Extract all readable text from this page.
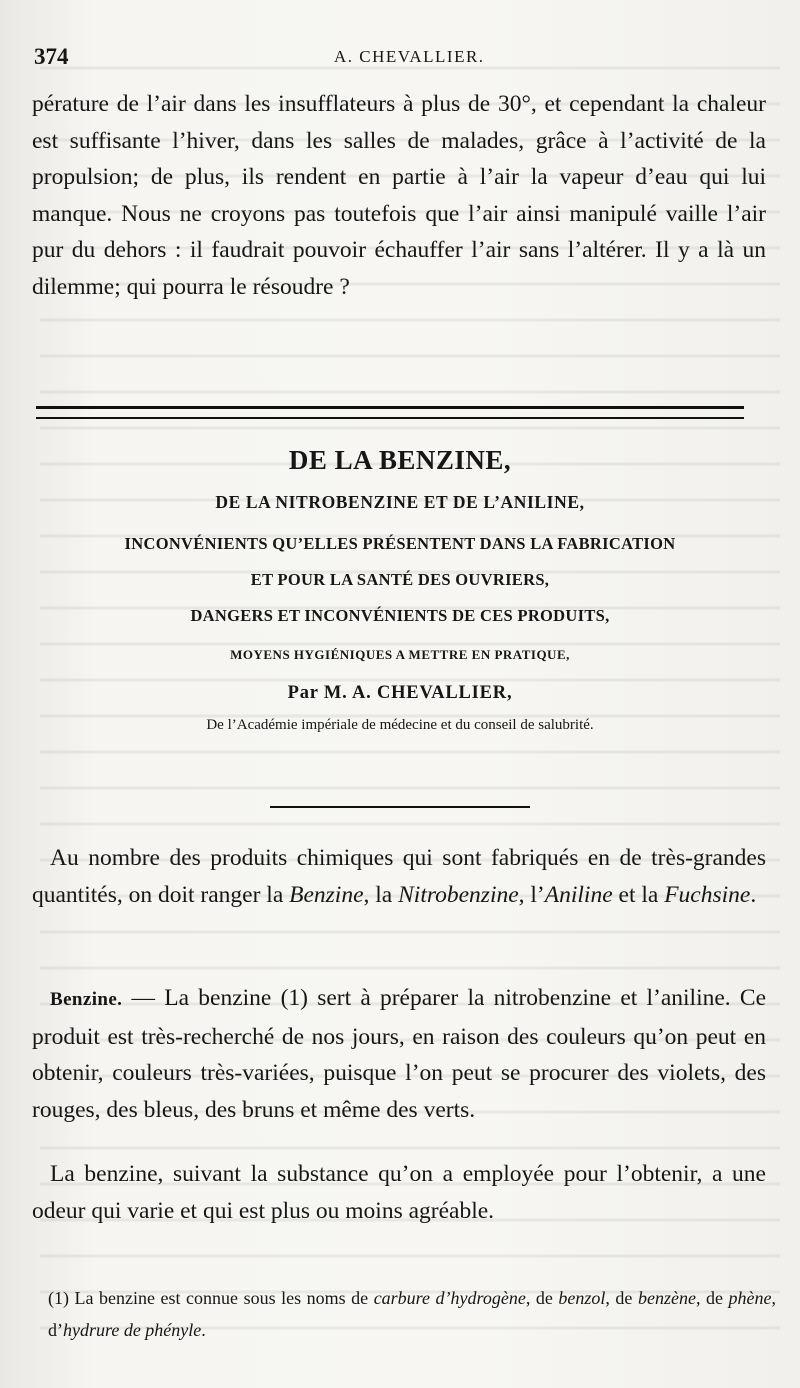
374	A. CHEVALLIER.

pérature de l’air dans les insufflateurs à plus de 30°, et cependant la chaleur est suffisante l’hiver, dans les salles de malades, grâce à l’activité de la propulsion; de plus, ils rendent en partie à l’air la vapeur d’eau qui lui manque. Nous ne croyons pas toutefois que l’air ainsi manipulé vaille l’air pur du dehors : il faudrait pouvoir échauffer l’air sans l’altérer. Il y a là un dilemme; qui pourra le résoudre ?

DE LA BENZINE,
DE LA NITROBENZINE ET DE L’ANILINE,
INCONVÉNIENTS QU’ELLES PRÉSENTENT DANS LA FABRICATION
ET POUR LA SANTÉ DES OUVRIERS,
DANGERS ET INCONVÉNIENTS DE CES PRODUITS,
MOYENS HYGIÉNIQUES A METTRE EN PRATIQUE,
Par M. A. CHEVALLIER,
De l’Académie impériale de médecine et du conseil de salubrité.

Au nombre des produits chimiques qui sont fabriqués en de très-grandes quantités, on doit ranger la Benzine, la Nitrobenzine, l’Aniline et la Fuchsine.

Benzine. — La benzine (1) sert à préparer la nitrobenzine et l’aniline. Ce produit est très-recherché de nos jours, en raison des couleurs qu’on peut en obtenir, couleurs très-variées, puisque l’on peut se procurer des violets, des rouges, des bleus, des bruns et même des verts.

La benzine, suivant la substance qu’on a employée pour l’obtenir, a une odeur qui varie et qui est plus ou moins agréable.

(1) La benzine est connue sous les noms de carbure d’hydrogène, de benzol, de benzène, de phène, d’hydrure de phényle.
